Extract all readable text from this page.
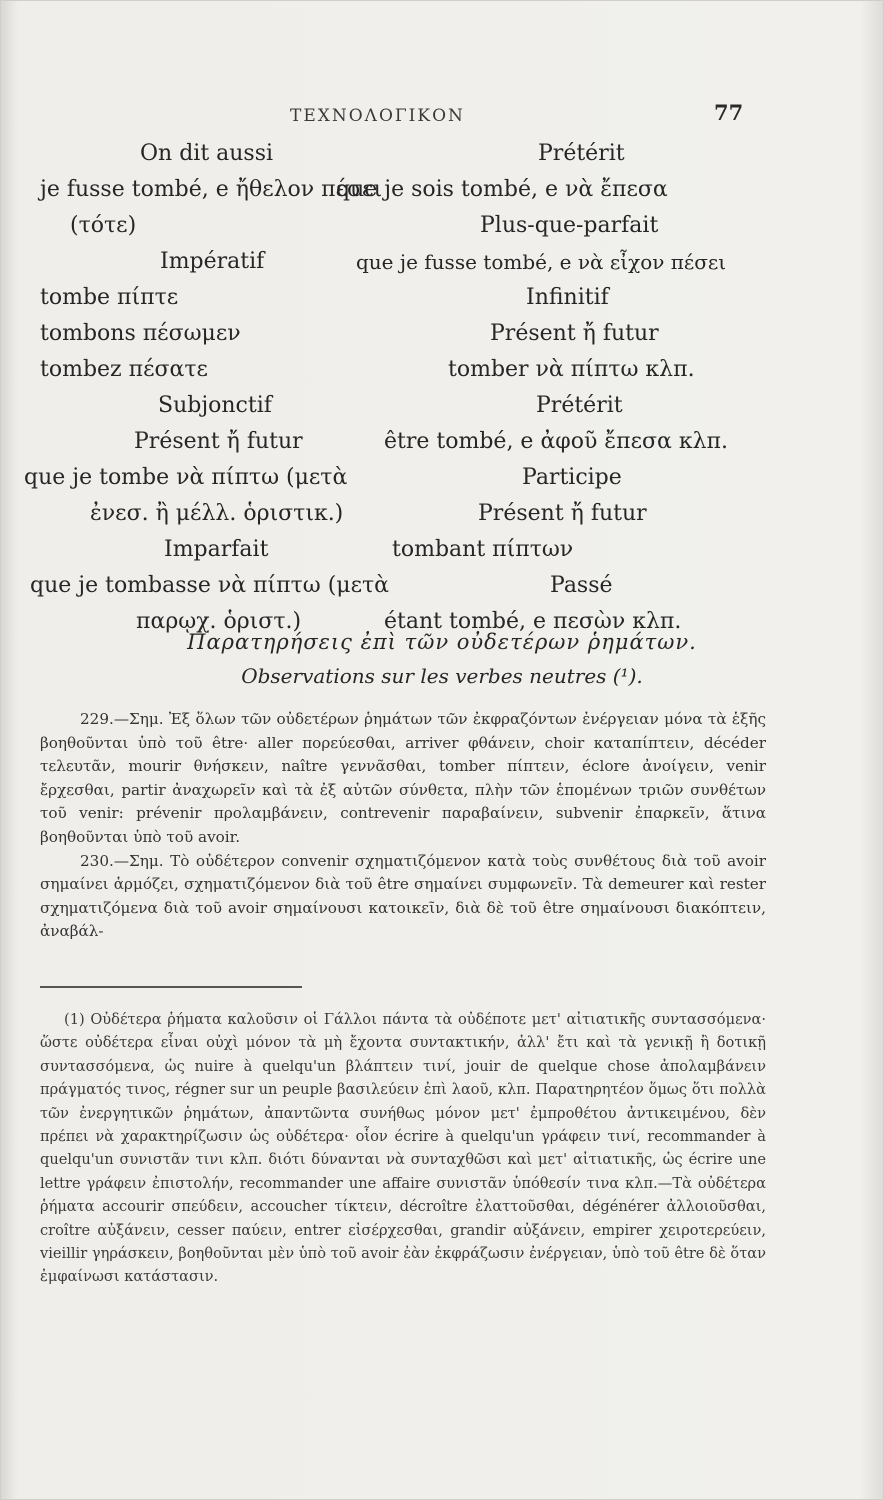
ΤΕΧΝΟΛΟΓΙΚΟΝ	77
On dit aussi
je fusse tombé, e ἤθελον πέσει
(τότε)
Impératif
tombe πίπτε
tombons πέσωμεν
tombez πέσατε
Subjonctif
Présent ἤ futur
que je tombe νὰ πίπτω (μετὰ
ἐνεσ. ἢ μέλλ. ὁριστικ.)
Imparfait
que je tombasse νὰ πίπτω (μετὰ
παρῳχ. ὁριστ.)
Prétérit
que je sois tombé, e νὰ ἔπεσα
Plus-que-parfait
que je fusse tombé, e νὰ εἶχον πέσει
Infinitif
Présent ἤ futur
tomber νὰ πίπτω κλπ.
Prétérit
être tombé, e ἀφοῦ ἔπεσα κλπ.
Participe
Présent ἤ futur
tombant πίπτων
Passé
étant tombé, e πεσὼν κλπ.
Παρατηρήσεις ἐπὶ τῶν οὐδετέρων ῥημάτων.
Observations sur les verbes neutres (¹).

229.—Σημ. Ἐξ ὅλων τῶν οὐδετέρων ῥημάτων τῶν ἐκφραζόντων ἐνέργειαν μόνα τὰ ἑξῆς βοηθοῦνται ὑπὸ τοῦ être· aller πορεύεσθαι, arriver φθάνειν, choir καταπίπτειν, décéder τελευτᾶν, mourir θνήσκειν, naître γεννᾶσθαι, tomber πίπτειν, éclore ἀνοίγειν, venir ἔρχεσθαι, partir ἀναχωρεῖν καὶ τὰ ἐξ αὐτῶν σύνθετα, πλὴν τῶν ἑπομένων τριῶν συνθέτων τοῦ venir: prévenir προλαμβάνειν, contrevenir παραβαίνειν, subvenir ἐπαρκεῖν, ἅτινα βοηθοῦνται ὑπὸ τοῦ avoir.

230.—Σημ. Τὸ οὐδέτερον convenir σχηματιζόμενον κατὰ τοὺς συνθέτους διὰ τοῦ avoir σημαίνει ἁρμόζει, σχηματιζόμενον διὰ τοῦ être σημαίνει συμφωνεῖν. Τὰ demeurer καὶ rester σχηματιζόμενα διὰ τοῦ avoir σημαίνουσι κατοικεῖν, διὰ δὲ τοῦ être σημαίνουσι διακόπτειν, ἀναβάλ-

(1) Οὐδέτερα ῥήματα καλοῦσιν οἱ Γάλλοι πάντα τὰ οὐδέποτε μετ' αἰτιατικῆς συντασσόμενα· ὥστε οὐδέτερα εἶναι οὐχὶ μόνον τὰ μὴ ἔχοντα συντακτικήν, ἀλλ' ἔτι καὶ τὰ γενικῇ ἢ δοτικῇ συντασσόμενα, ὡς nuire à quelqu'un βλάπτειν τινί, jouir de quelque chose ἀπολαμβάνειν πράγματός τινος, régner sur un peuple βασιλεύειν ἐπὶ λαοῦ, κλπ. Παρατηρητέον ὅμως ὅτι πολλὰ τῶν ἐνεργητικῶν ῥημάτων, ἀπαντῶντα συνήθως μόνον μετ' ἐμπροθέτου ἀντικειμένου, δὲν πρέπει νὰ χαρακτηρίζωσιν ὡς οὐδέτερα· οἷον écrire à quelqu'un γράφειν τινί, recommander à quelqu'un συνιστᾶν τινι κλπ. διότι δύνανται νὰ συνταχθῶσι καὶ μετ' αἰτιατικῆς, ὡς écrire une lettre γράφειν ἐπιστολήν, recommander une affaire συνιστᾶν ὑπόθεσίν τινα κλπ.—Τὰ οὐδέτερα ῥήματα accourir σπεύδειν, accoucher τίκτειν, décroître ἐλαττοῦσθαι, dégénérer ἀλλοιοῦσθαι, croître αὐξάνειν, cesser παύειν, entrer εἰσέρχεσθαι, grandir αὐξάνειν, empirer χειροτερεύειν, vieillir γηράσκειν, βοηθοῦνται μὲν ὑπὸ τοῦ avoir ἐὰν ἐκφράζωσιν ἐνέργειαν, ὑπὸ τοῦ être δὲ ὅταν ἐμφαίνωσι κατάστασιν.
